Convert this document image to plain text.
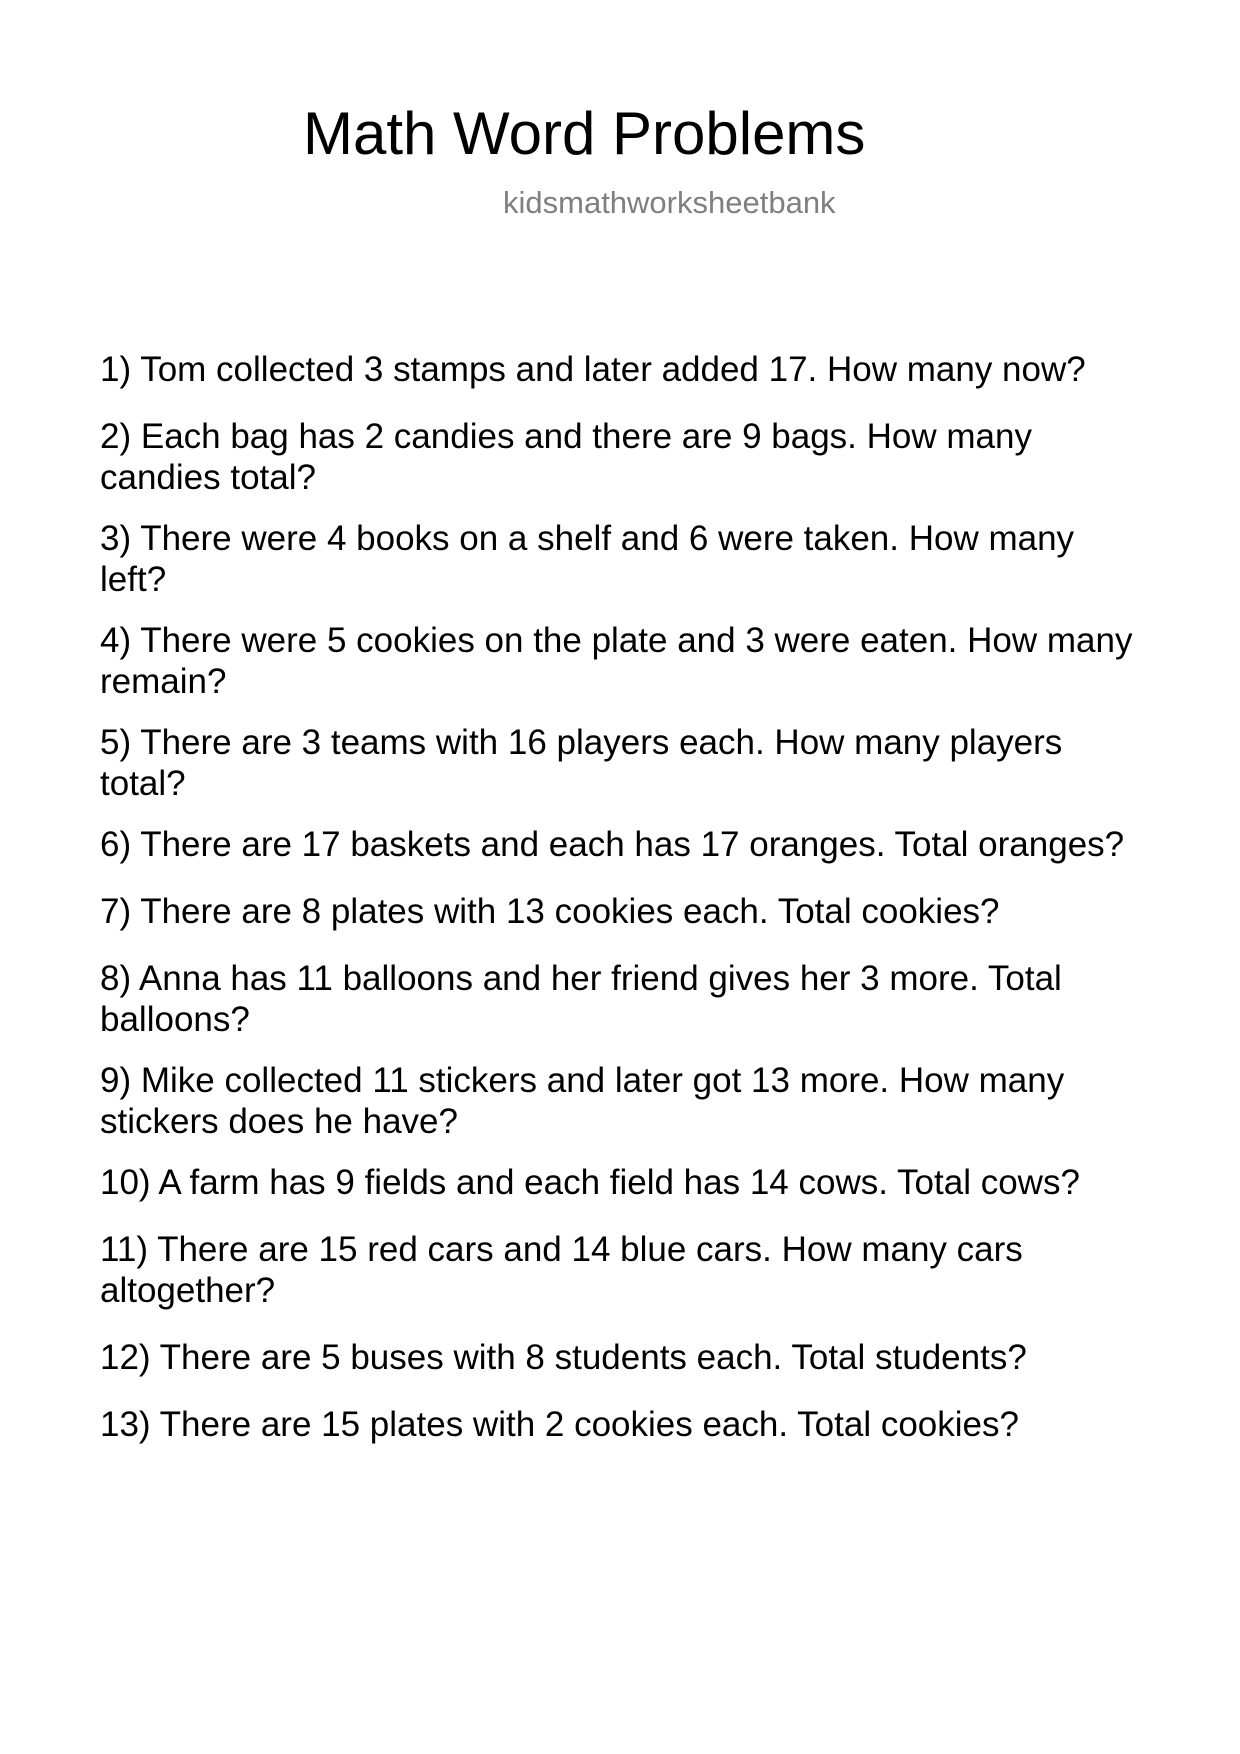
Math Word Problems
kidsmathworksheetbank
1) Tom collected 3 stamps and later added 17. How many now?
2) Each bag has 2 candies and there are 9 bags. How many
candies total?
3) There were 4 books on a shelf and 6 were taken. How many
left?
4) There were 5 cookies on the plate and 3 were eaten. How many
remain?
5) There are 3 teams with 16 players each. How many players
total?
6) There are 17 baskets and each has 17 oranges. Total oranges?
7) There are 8 plates with 13 cookies each. Total cookies?
8) Anna has 11 balloons and her friend gives her 3 more. Total
balloons?
9) Mike collected 11 stickers and later got 13 more. How many
stickers does he have?
10) A farm has 9 fields and each field has 14 cows. Total cows?
11) There are 15 red cars and 14 blue cars. How many cars
altogether?
12) There are 5 buses with 8 students each. Total students?
13) There are 15 plates with 2 cookies each. Total cookies?
